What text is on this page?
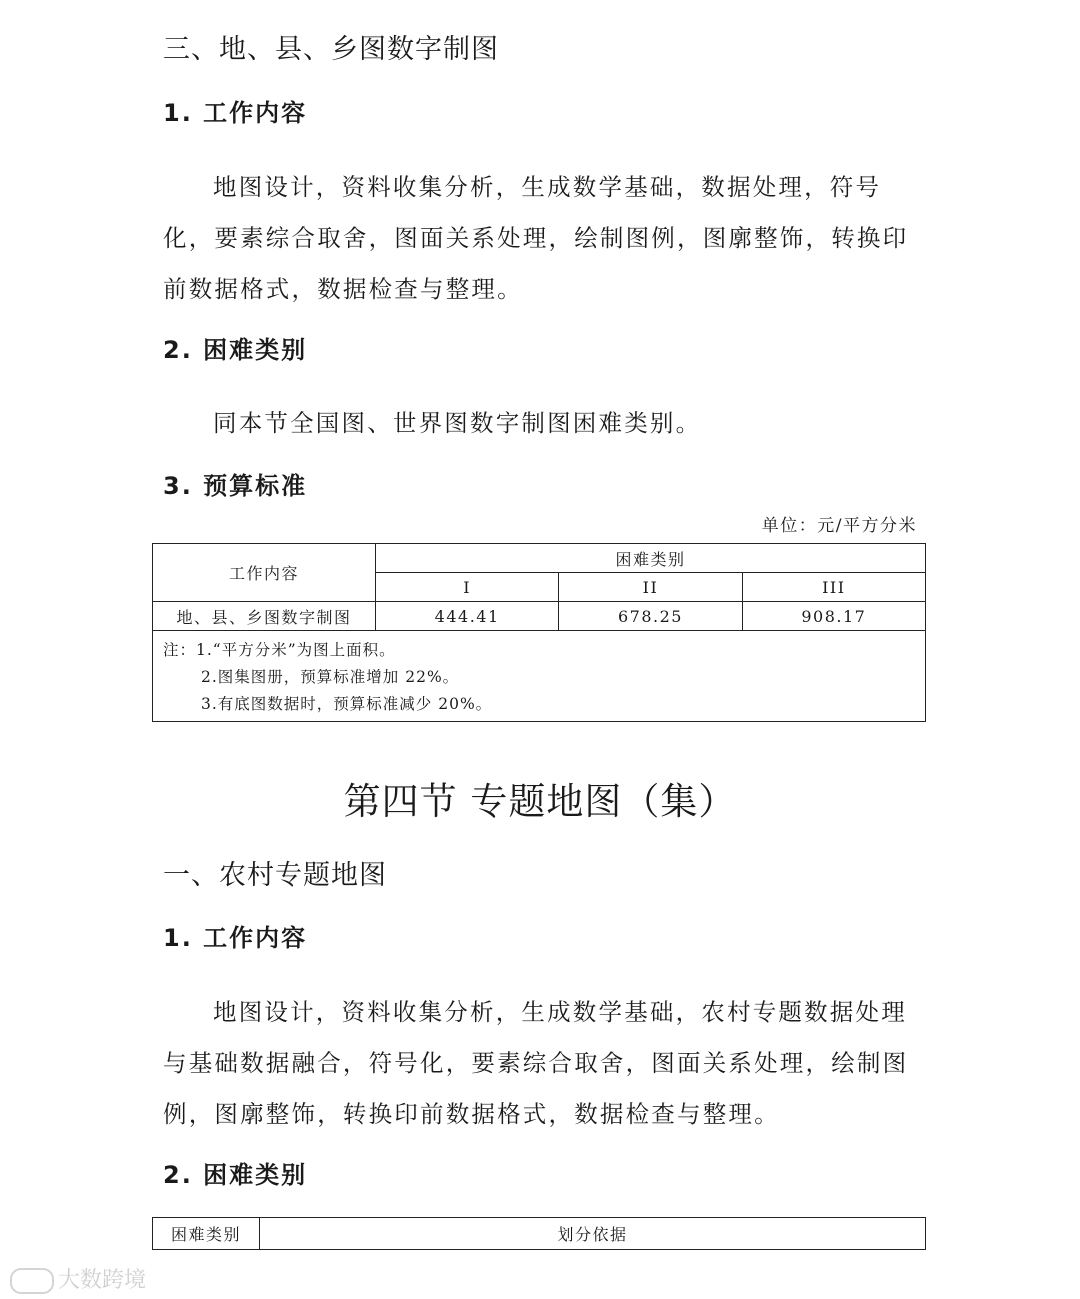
三、地、县、乡图数字制图
1. 工作内容

地图设计，资料收集分析，生成数学基础，数据处理，符号化，要素综合取舍，图面关系处理，绘制图例，图廓整饰，转换印前数据格式，数据检查与整理。

2. 困难类别

同本节全国图、世界图数字制图困难类别。

3. 预算标准
单位：元/平方分米
工作内容	困难类别		
	I	II	III
地、县、乡图数字制图	444.41	678.25	908.17

注：1.“平方分米”为图上面积。
2.图集图册，预算标准增加 22%。
3.有底图数据时，预算标准减少 20%。			
第四节 专题地图（集）
一、农村专题地图
1. 工作内容

地图设计，资料收集分析，生成数学基础，农村专题数据处理与基础数据融合，符号化，要素综合取舍，图面关系处理，绘制图例，图廓整饰，转换印前数据格式，数据检查与整理。

2. 困难类别
困难类别	划分依据
大数跨境
